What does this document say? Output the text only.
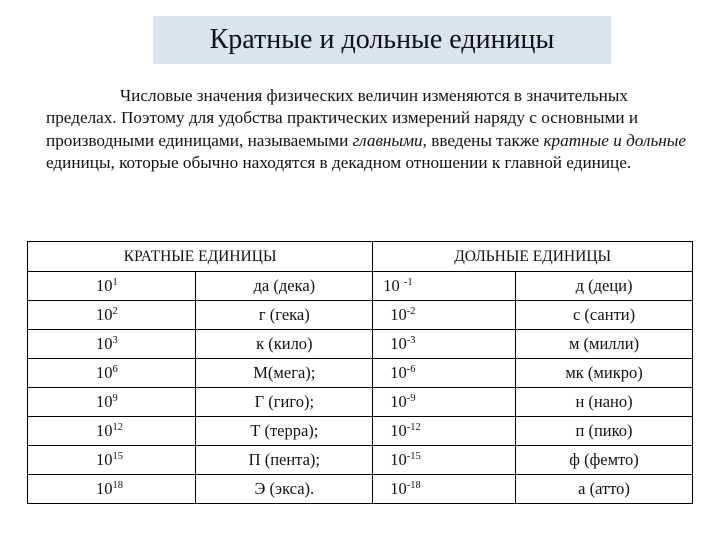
Кратные и дольные единицы

Числовые значения физических величин изменяются в значительных пределах. Поэтому для удобства практических измерений наряду с основными и производными единицами, называемыми главными, введены также кратные и дольные единицы, которые обычно находятся в декадном отношении к главной единице.

КРАТНЫЕ ЕДИНИЦЫ		ДОЛЬНЫЕ ЕДИНИЦЫ	
$10^1$	да (дека)	10 $^{-1}$	д (деци)
$10^2$	г (гека)	$10^{-2}$	с (санти)
$10^3$	к (кило)	$10^{-3}$	м (милли)
$10^6$	М(мега);	$10^{-6}$	мк (микро)
$10^9$	Г (гиго);	$10^{-9}$	н (нано)
$10^{12}$	Т (терра);	$10^{-12}$	п (пико)
$10^{15}$	П (пента);	$10^{-15}$	ф (фемто)
$10^{18}$	Э (экса).	$10^{-18}$	а (атто)
